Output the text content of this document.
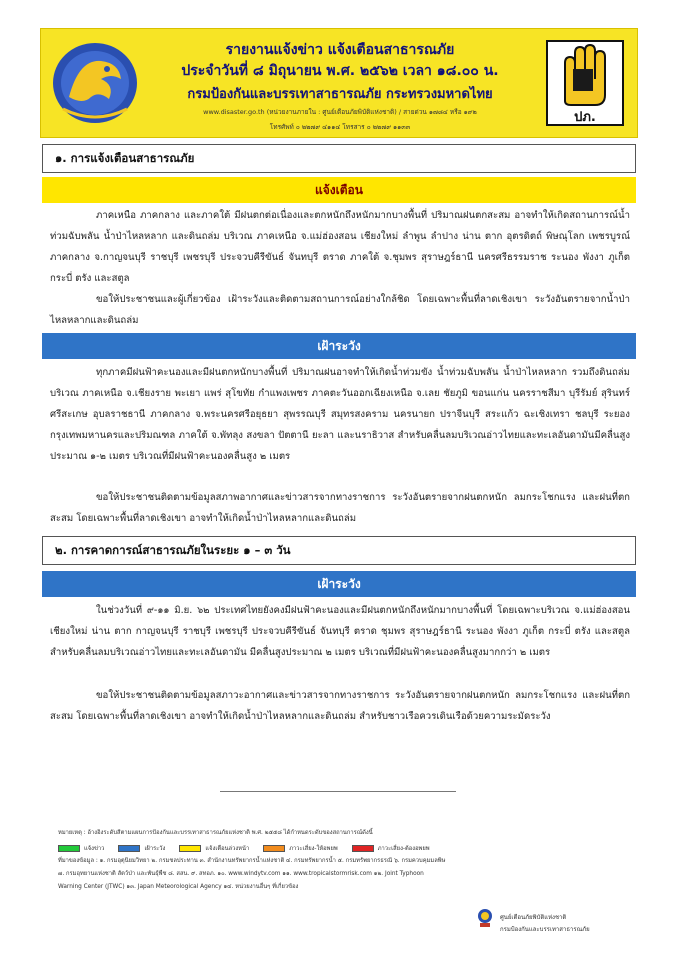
รายงานแจ้งข่าว แจ้งเตือนสาธารณภัย
ประจำวันที่ ๘ มิถุนายน พ.ศ. ๒๕๖๒ เวลา ๑๘.๐๐ น.
กรมป้องกันและบรรเทาสาธารณภัย กระทรวงมหาดไทย
www.disaster.go.th (หน่วยงานภายใน : ศูนย์เตือนภัยพิบัติแห่งชาติ) / สายด่วน ๑๗๘๔ หรือ ๑๙๒
โทรศัพท์ ๐ ๒๒๗๙ ๔๑๑๔ โทรสาร ๐ ๒๒๗๙ ๑๑๓๓
ปภ.
๑. การแจ้งเตือนสาธารณภัย
แจ้งเตือน
ภาคเหนือ ภาคกลาง และภาคใต้ มีฝนตกต่อเนื่องและตกหนักถึงหนักมากบางพื้นที่ ปริมาณฝนตกสะสม อาจทำให้เกิดสถานการณ์น้ำท่วมฉับพลัน น้ำป่าไหลหลาก และดินถล่ม บริเวณ ภาคเหนือ จ.แม่ฮ่องสอน เชียงใหม่ ลำพูน ลำปาง น่าน ตาก อุตรดิตถ์ พิษณุโลก เพชรบูรณ์ ภาคกลาง จ.กาญจนบุรี ราชบุรี เพชรบุรี ประจวบคีรีขันธ์ จันทบุรี ตราด ภาคใต้ จ.ชุมพร สุราษฎร์ธานี นครศรีธรรมราช ระนอง พังงา ภูเก็ต กระบี่ ตรัง และสตูล
ขอให้ประชาชนและผู้เกี่ยวข้อง เฝ้าระวังและติดตามสถานการณ์อย่างใกล้ชิด โดยเฉพาะพื้นที่ลาดเชิงเขา ระวังอันตรายจากน้ำป่าไหลหลากและดินถล่ม
เฝ้าระวัง
ทุกภาคมีฝนฟ้าคะนองและมีฝนตกหนักบางพื้นที่ ปริมาณฝนอาจทำให้เกิดน้ำท่วมขัง น้ำท่วมฉับพลัน น้ำป่าไหลหลาก รวมถึงดินถล่ม บริเวณ ภาคเหนือ จ.เชียงราย พะเยา แพร่ สุโขทัย กำแพงเพชร ภาคตะวันออกเฉียงเหนือ จ.เลย ชัยภูมิ ขอนแก่น นครราชสีมา บุรีรัมย์ สุรินทร์ ศรีสะเกษ อุบลราชธานี ภาคกลาง จ.พระนครศรีอยุธยา สุพรรณบุรี สมุทรสงคราม นครนายก ปราจีนบุรี สระแก้ว ฉะเชิงเทรา ชลบุรี ระยอง กรุงเทพมหานครและปริมณฑล ภาคใต้ จ.พัทลุง สงขลา ปัตตานี ยะลา และนราธิวาส สำหรับคลื่นลมบริเวณอ่าวไทยและทะเลอันดามันมีคลื่นสูงประมาณ ๑-๒ เมตร บริเวณที่มีฝนฟ้าคะนองคลื่นสูง ๒ เมตร
ขอให้ประชาชนติดตามข้อมูลสภาพอากาศและข่าวสารจากทางราชการ ระวังอันตรายจากฝนตกหนัก ลมกระโชกแรง และฝนที่ตกสะสม โดยเฉพาะพื้นที่ลาดเชิงเขา อาจทำให้เกิดน้ำป่าไหลหลากและดินถล่ม
๒. การคาดการณ์สาธารณภัยในระยะ ๑ – ๓ วัน
เฝ้าระวัง
ในช่วงวันที่ ๙-๑๑ มิ.ย. ๖๒ ประเทศไทยยังคงมีฝนฟ้าคะนองและมีฝนตกหนักถึงหนักมากบางพื้นที่ โดยเฉพาะบริเวณ จ.แม่ฮ่องสอน เชียงใหม่ น่าน ตาก กาญจนบุรี ราชบุรี เพชรบุรี ประจวบคีรีขันธ์ จันทบุรี ตราด ชุมพร สุราษฎร์ธานี ระนอง พังงา ภูเก็ต กระบี่ ตรัง และสตูล สำหรับคลื่นลมบริเวณอ่าวไทยและทะเลอันดามัน มีคลื่นสูงประมาณ ๒ เมตร บริเวณที่มีฝนฟ้าคะนองคลื่นสูงมากกว่า ๒ เมตร
ขอให้ประชาชนติดตามข้อมูลสภาวะอากาศและข่าวสารจากทางราชการ ระวังอันตรายจากฝนตกหนัก ลมกระโชกแรง และฝนที่ตกสะสม โดยเฉพาะพื้นที่ลาดเชิงเขา อาจทำให้เกิดน้ำป่าไหลหลากและดินถล่ม สำหรับชาวเรือควรเดินเรือด้วยความระมัดระวัง
หมายเหตุ : อ้างอิงระดับสีตามแผนการป้องกันและบรรเทาสาธารณภัยแห่งชาติ พ.ศ. ๒๕๕๘ ได้กำหนดระดับของสถานการณ์ดังนี้
แจ้งข่าว	เฝ้าระวัง	แจ้งเตือนล่วงหน้า	ภาวะเสี่ยง-ให้อพยพ	ภาวะเสี่ยง-ต้องอพยพ
ที่มาของข้อมูล : ๑. กรมอุตุนิยมวิทยา ๒. กรมชลประทาน ๓. สำนักงานทรัพยากรน้ำแห่งชาติ ๔. กรมทรัพยากรน้ำ ๕. กรมทรัพยากรธรณี ๖. กรมควบคุมมลพิษ
๗. กรมอุทยานแห่งชาติ สัตว์ป่า และพันธุ์พืช ๘. สสน. ๙. สทอภ. ๑๐. www.windytv.com ๑๑. www.tropicalstormrisk.com ๑๒. Joint Typhoon
Warning Center (JTWC) ๑๓. Japan Meteorological Agency ๑๔. หน่วยงานอื่นๆ ที่เกี่ยวข้อง
ศูนย์เตือนภัยพิบัติแห่งชาติ
กรมป้องกันและบรรเทาสาธารณภัย
